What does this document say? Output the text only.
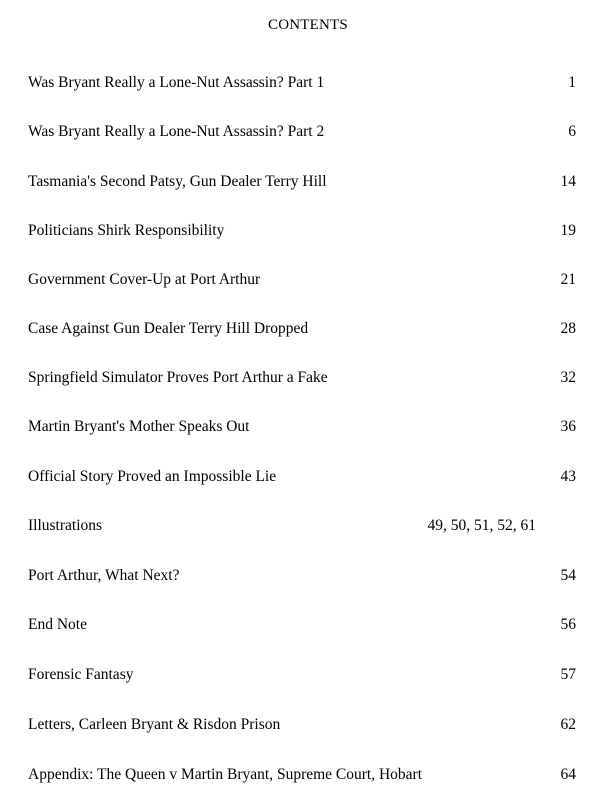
CONTENTS
Was Bryant Really a Lone-Nut Assassin? Part 1	1
Was Bryant Really a Lone-Nut Assassin? Part 2	6
Tasmania's Second Patsy, Gun Dealer Terry Hill	14
Politicians Shirk Responsibility	19
Government Cover-Up at Port Arthur	21
Case Against Gun Dealer Terry Hill Dropped	28
Springfield Simulator Proves Port Arthur a Fake	32
Martin Bryant's Mother Speaks Out	36
Official Story Proved an Impossible Lie	43
Illustrations	49, 50, 51, 52, 61
Port Arthur, What Next?	54
End Note	56
Forensic Fantasy	57
Letters, Carleen Bryant & Risdon Prison	62
Appendix: The Queen v Martin Bryant, Supreme Court, Hobart	64
